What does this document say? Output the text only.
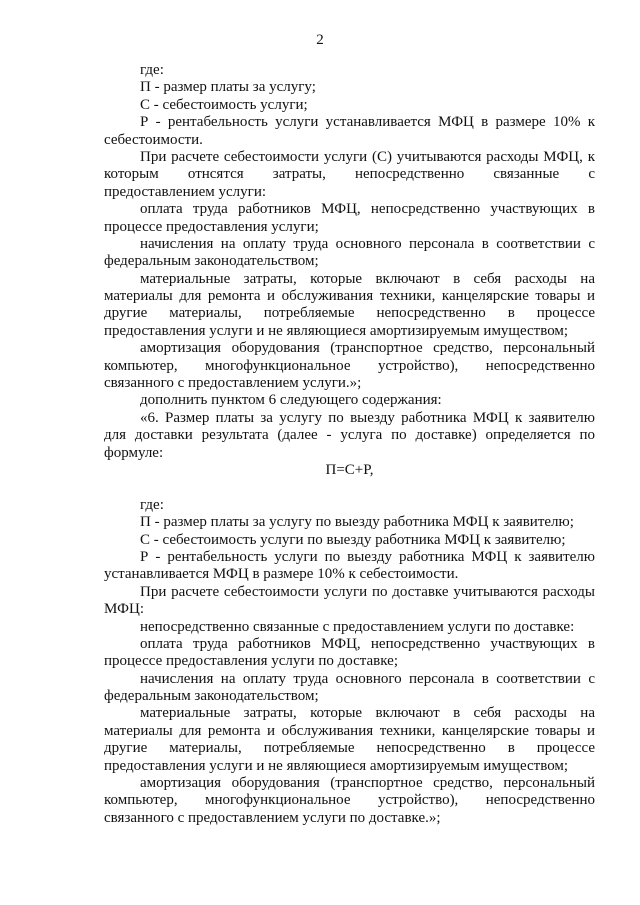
2
где:
П - размер платы за услугу;
С - себестоимость услуги;
Р - рентабельность услуги устанавливается МФЦ в размере 10% к
себестоимости.
При расчете себестоимости услуги (С) учитываются расходы МФЦ, к
которым отнсятся затраты, непосредственно связанные с
предоставлением услуги:
оплата труда работников МФЦ, непосредственно участвующих в
процессе предоставления услуги;
начисления на оплату труда основного персонала в соответствии с
федеральным законодательством;
материальные затраты, которые включают в себя расходы на
материалы для ремонта и обслуживания техники, канцелярские товары и
другие материалы, потребляемые непосредственно в процессе
предоставления услуги и не являющиеся амортизируемым имуществом;
амортизация оборудования (транспортное средство, персональный
компьютер, многофункциональное устройство), непосредственно
связанного с предоставлением услуги.»;
дополнить пунктом 6 следующего содержания:
«6. Размер платы за услугу по выезду работника МФЦ к заявителю
для доставки результата (далее - услуга по доставке) определяется по
формуле:
П=С+Р,
где:
П - размер платы за услугу по выезду работника МФЦ к заявителю;
С - себестоимость услуги по выезду работника МФЦ к заявителю;
Р - рентабельность услуги по выезду работника МФЦ к заявителю
устанавливается МФЦ в размере 10% к себестоимости.
При расчете себестоимости услуги по доставке учитываются расходы
МФЦ:
непосредственно связанные с предоставлением услуги по доставке:
оплата труда работников МФЦ, непосредственно участвующих в
процессе предоставления услуги по доставке;
начисления на оплату труда основного персонала в соответствии с
федеральным законодательством;
материальные затраты, которые включают в себя расходы на
материалы для ремонта и обслуживания техники, канцелярские товары и
другие материалы, потребляемые непосредственно в процессе
предоставления услуги и не являющиеся амортизируемым имуществом;
амортизация оборудования (транспортное средство, персональный
компьютер, многофункциональное устройство), непосредственно
связанного с предоставлением услуги по доставке.»;
